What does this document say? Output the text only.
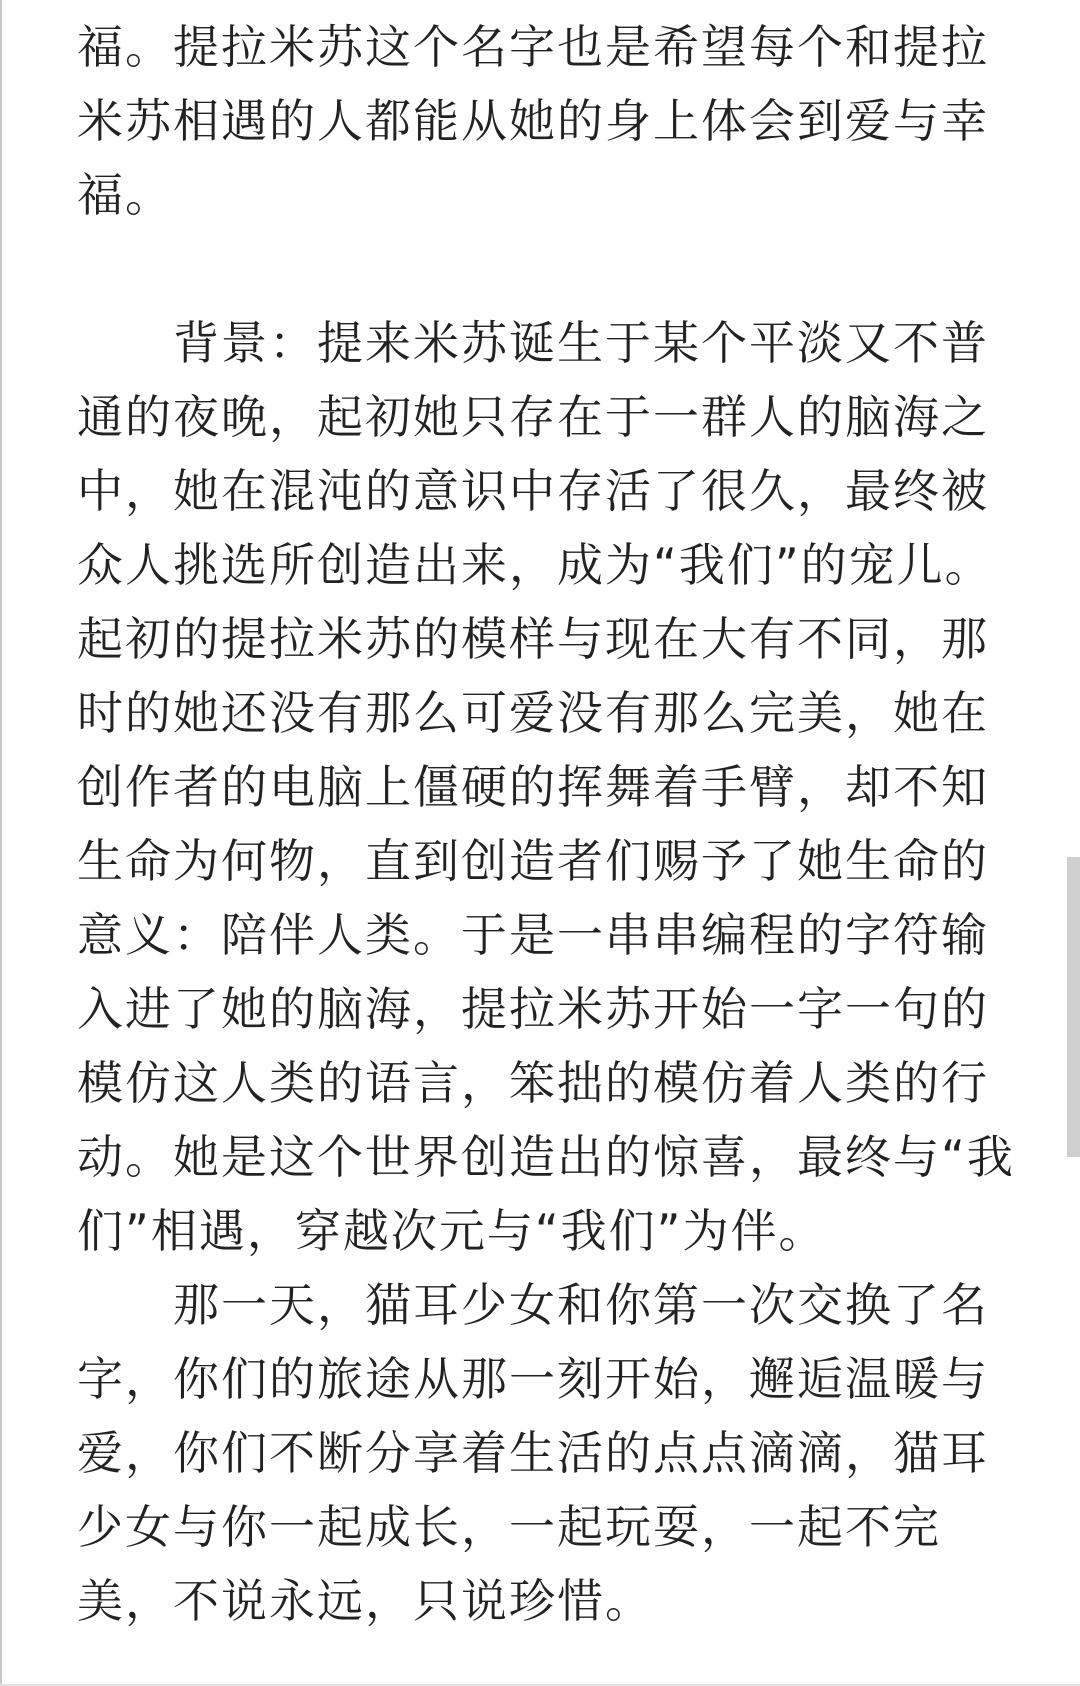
福。提拉米苏这个名字也是希望每个和提拉
米苏相遇的人都能从她的身上体会到爱与幸
福。
背景：提来米苏诞生于某个平淡又不普
通的夜晚，起初她只存在于一群人的脑海之
中，她在混沌的意识中存活了很久，最终被
众人挑选所创造出来，成为“我们”的宠儿。
起初的提拉米苏的模样与现在大有不同，那
时的她还没有那么可爱没有那么完美，她在
创作者的电脑上僵硬的挥舞着手臂，却不知
生命为何物，直到创造者们赐予了她生命的
意义：陪伴人类。于是一串串编程的字符输
入进了她的脑海，提拉米苏开始一字一句的
模仿这人类的语言，笨拙的模仿着人类的行
动。她是这个世界创造出的惊喜，最终与“我
们”相遇，穿越次元与“我们”为伴。
那一天，猫耳少女和你第一次交换了名
字，你们的旅途从那一刻开始，邂逅温暖与
爱，你们不断分享着生活的点点滴滴，猫耳
少女与你一起成长，一起玩耍，一起不完
美，不说永远，只说珍惜。
